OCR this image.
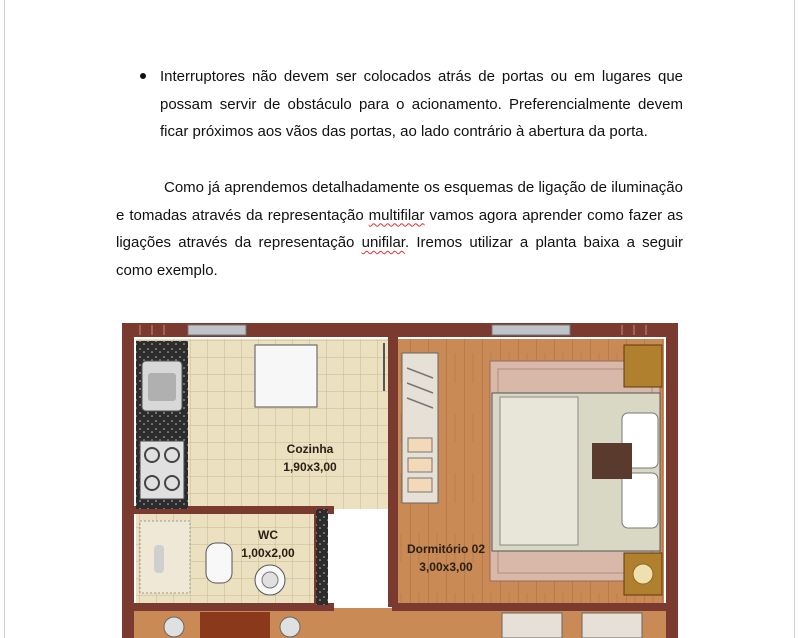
Interruptores não devem ser colocados atrás de portas ou em lugares que possam servir de obstáculo para o acionamento. Preferencialmente devem ficar próximos aos vãos das portas, ao lado contrário à abertura da porta.
Como já aprendemos detalhadamente os esquemas de ligação de iluminação e tomadas através da representação multifilar vamos agora aprender como fazer as ligações através da representação unifilar. Iremos utilizar a planta baixa a seguir como exemplo.
Cozinha
1,90x3,00
WC
1,00x2,00	Dormitório 02
3,00x3,00
